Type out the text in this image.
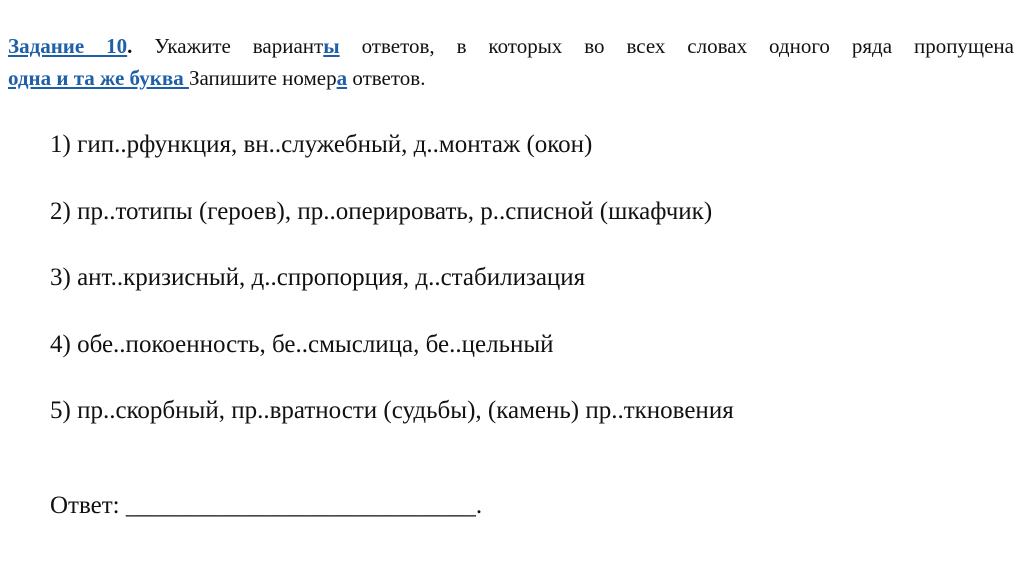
Задание 10. Укажите варианты ответов, в которых во всех словах одного ряда пропущена
одна и та же буква Запишите номера ответов.
1) гип..рфункция, вн..служебный, д..монтаж (окон)
2) пр..тотипы (героев), пр..оперировать, р..списной (шкафчик)
3) ант..кризисный, д..спропорция, д..стабилизация
4) обе..покоенность, бе..смыслица, бе..цельный
5) пр..скорбный, пр..вратности (судьбы), (камень) пр..ткновения
Ответ: ____________________________.
